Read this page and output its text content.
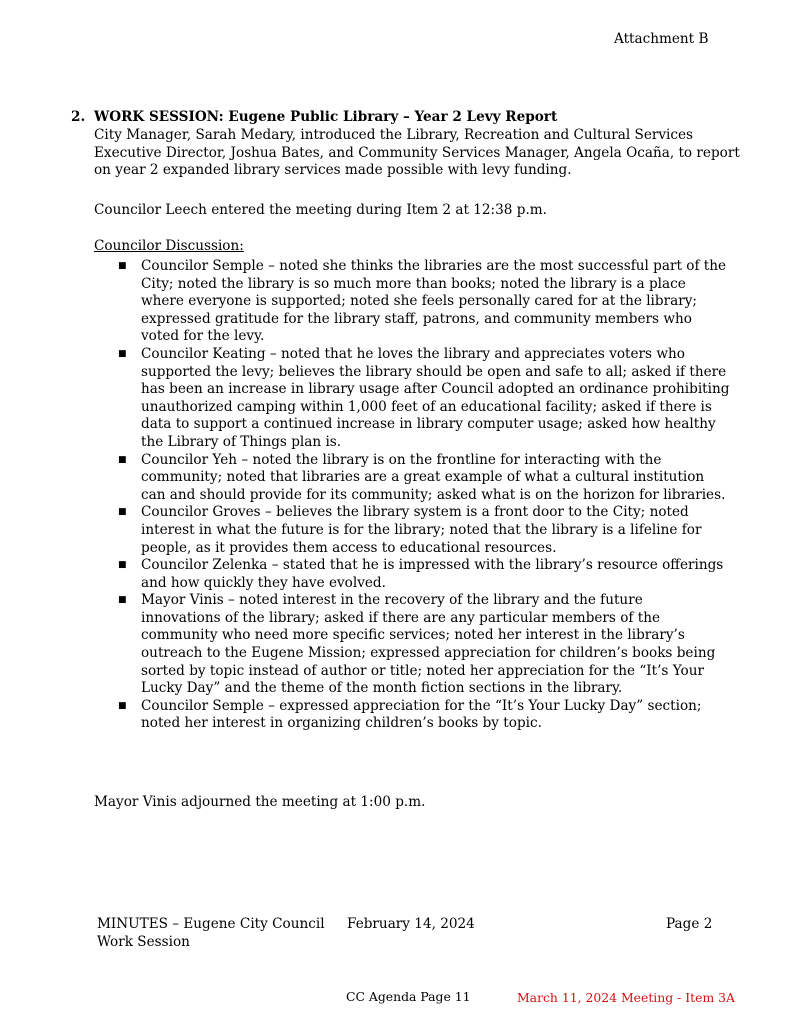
Attachment B
2. WORK SESSION: Eugene Public Library – Year 2 Levy Report
City Manager, Sarah Medary, introduced the Library, Recreation and Cultural Services
Executive Director, Joshua Bates, and Community Services Manager, Angela Ocaña, to report
on year 2 expanded library services made possible with levy funding.
Councilor Leech entered the meeting during Item 2 at 12:38 p.m.
Councilor Discussion:
■ Councilor Semple – noted she thinks the libraries are the most successful part of the
City; noted the library is so much more than books; noted the library is a place
where everyone is supported; noted she feels personally cared for at the library;
expressed gratitude for the library staff, patrons, and community members who
voted for the levy.
■ Councilor Keating – noted that he loves the library and appreciates voters who
supported the levy; believes the library should be open and safe to all; asked if there
has been an increase in library usage after Council adopted an ordinance prohibiting
unauthorized camping within 1,000 feet of an educational facility; asked if there is
data to support a continued increase in library computer usage; asked how healthy
the Library of Things plan is.
■ Councilor Yeh – noted the library is on the frontline for interacting with the
community; noted that libraries are a great example of what a cultural institution
can and should provide for its community; asked what is on the horizon for libraries.
■ Councilor Groves – believes the library system is a front door to the City; noted
interest in what the future is for the library; noted that the library is a lifeline for
people, as it provides them access to educational resources.
■ Councilor Zelenka – stated that he is impressed with the library’s resource offerings
and how quickly they have evolved.
■ Mayor Vinis – noted interest in the recovery of the library and the future
innovations of the library; asked if there are any particular members of the
community who need more specific services; noted her interest in the library’s
outreach to the Eugene Mission; expressed appreciation for children’s books being
sorted by topic instead of author or title; noted her appreciation for the “It’s Your
Lucky Day” and the theme of the month fiction sections in the library.
■ Councilor Semple – expressed appreciation for the “It’s Your Lucky Day” section;
noted her interest in organizing children’s books by topic.
Mayor Vinis adjourned the meeting at 1:00 p.m.
MINUTES – Eugene City Council
Work Session
February 14, 2024	Page 2
CC Agenda Page 11	March 11, 2024 Meeting - Item 3A
